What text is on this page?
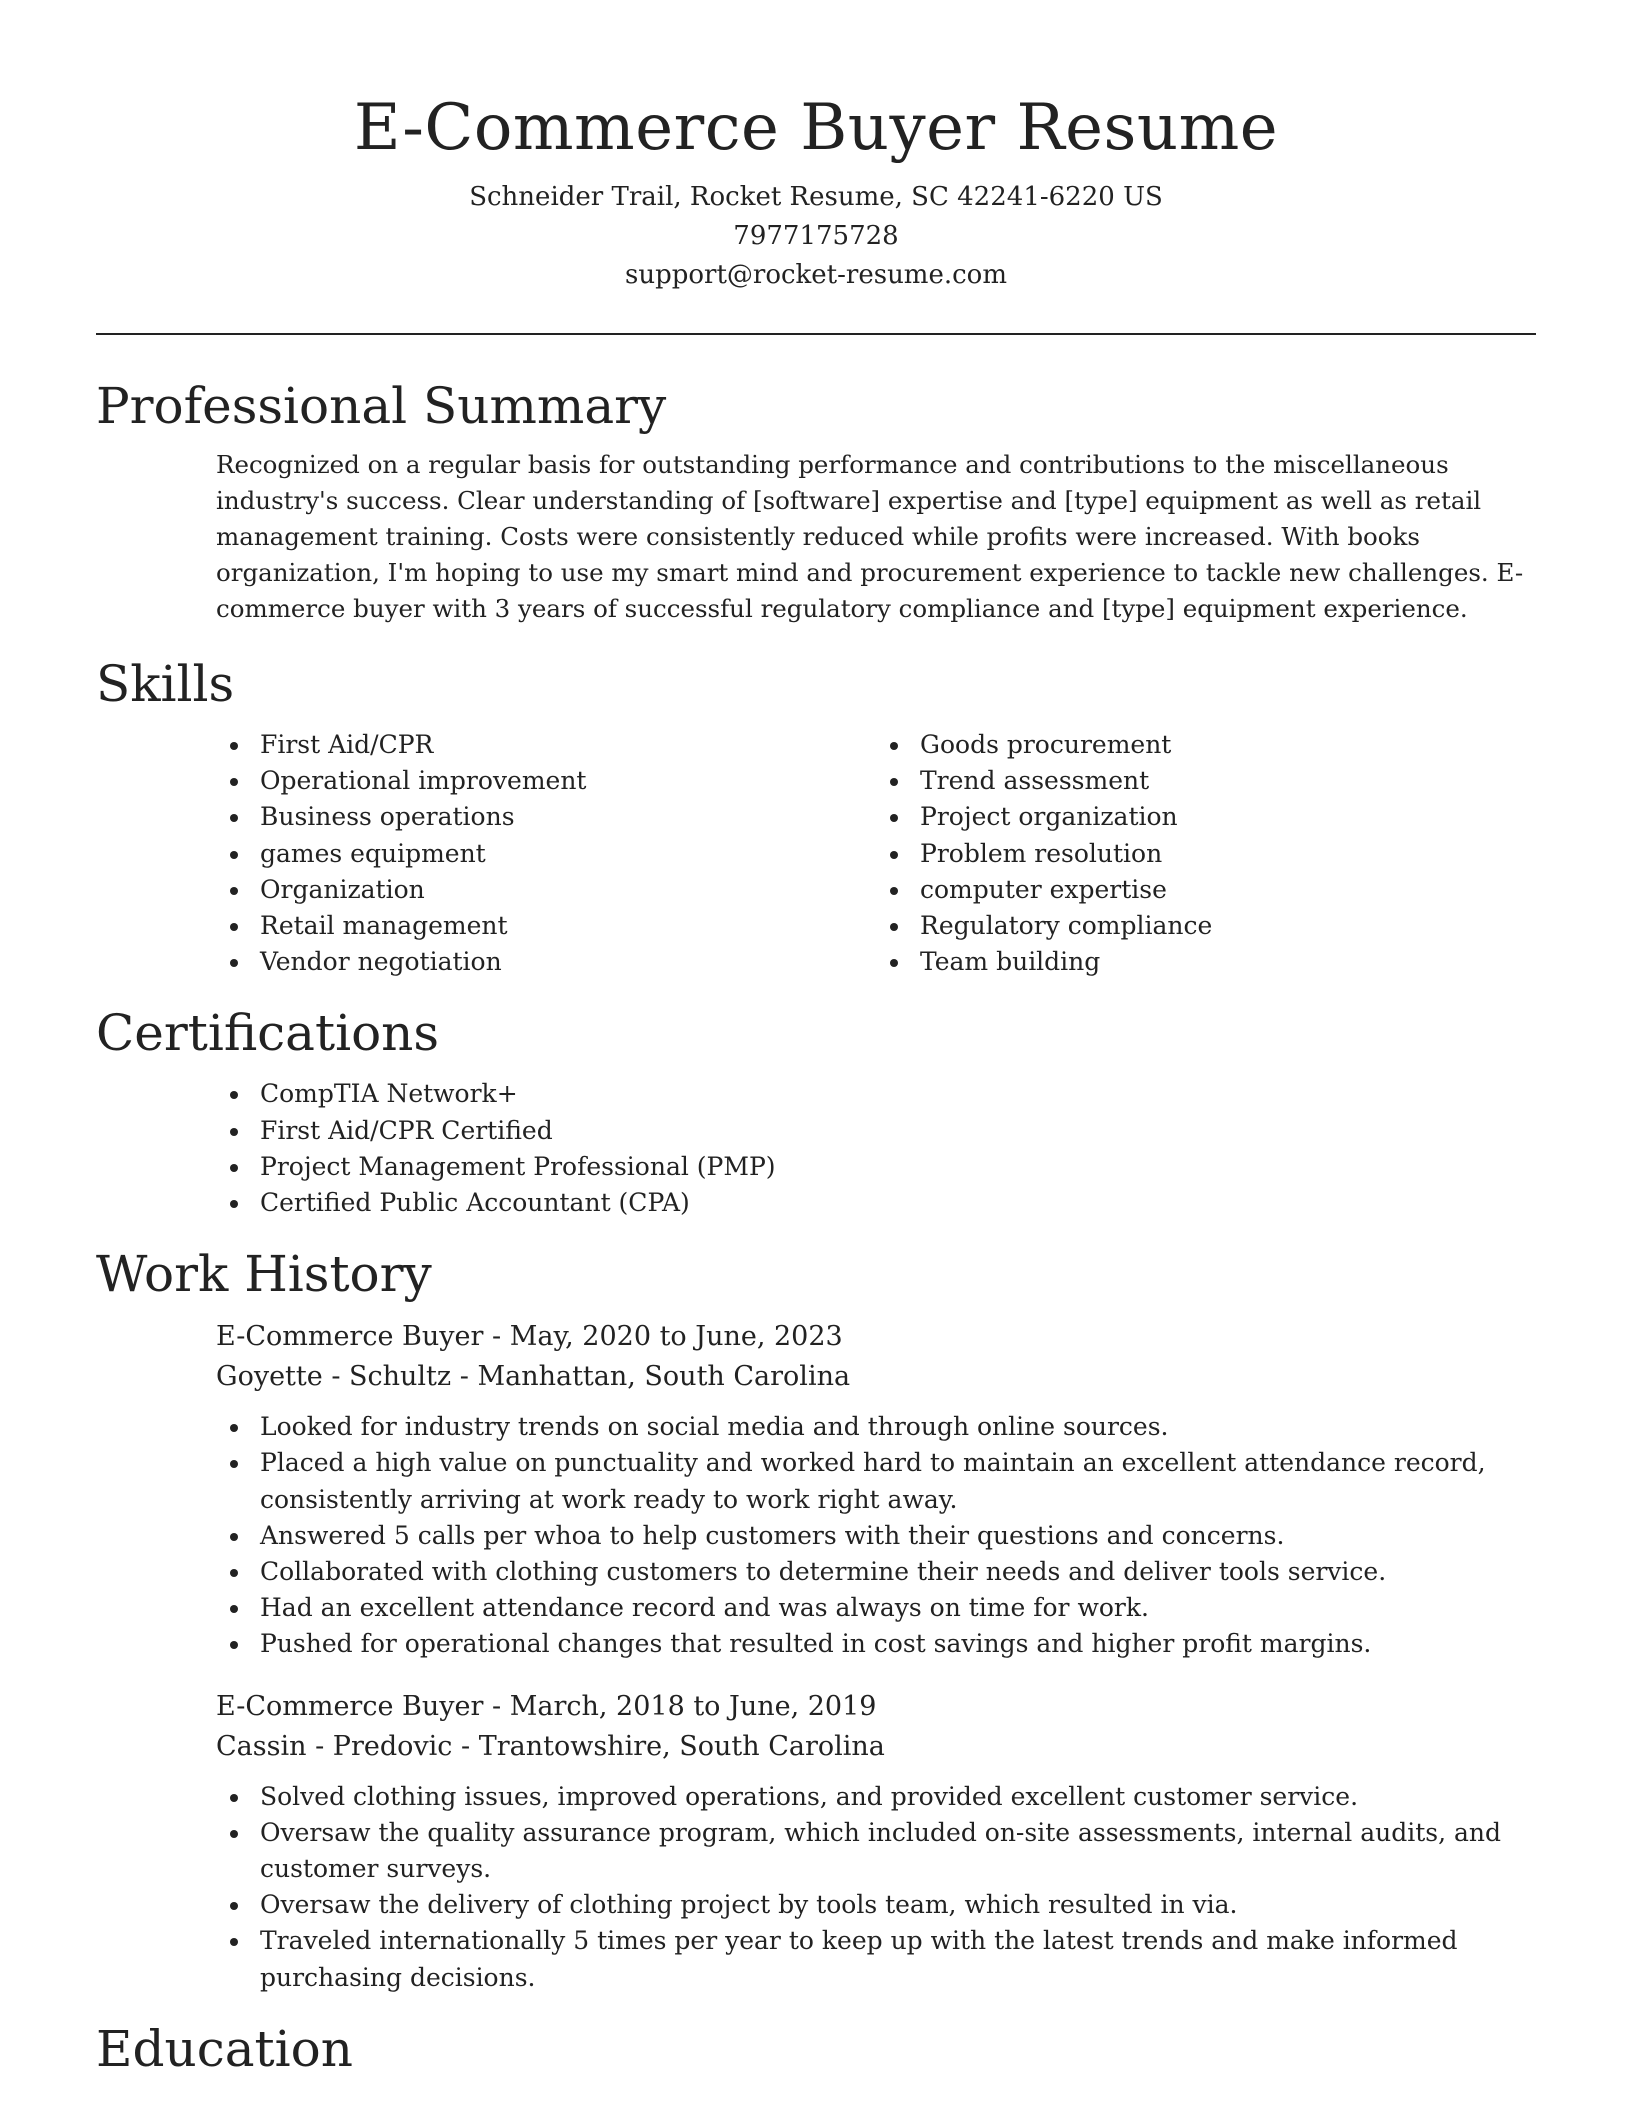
E-Commerce Buyer Resume
Schneider Trail, Rocket Resume, SC 42241-6220 US
7977175728
support@rocket-resume.com
Professional Summary
Recognized on a regular basis for outstanding performance and contributions to the miscellaneous industry's success. Clear understanding of [software] expertise and [type] equipment as well as retail management training. Costs were consistently reduced while profits were increased. With books organization, I'm hoping to use my smart mind and procurement experience to tackle new challenges. E-commerce buyer with 3 years of successful regulatory compliance and [type] equipment experience.
Skills
First Aid/CPR
Operational improvement
Business operations
games equipment
Organization
Retail management
Vendor negotiation
Goods procurement
Trend assessment
Project organization
Problem resolution
computer expertise
Regulatory compliance
Team building
Certifications
CompTIA Network+
First Aid/CPR Certified
Project Management Professional (PMP)
Certified Public Accountant (CPA)
Work History
E-Commerce Buyer - May, 2020 to June, 2023
Goyette - Schultz - Manhattan, South Carolina
Looked for industry trends on social media and through online sources.
Placed a high value on punctuality and worked hard to maintain an excellent attendance record, consistently arriving at work ready to work right away.
Answered 5 calls per whoa to help customers with their questions and concerns.
Collaborated with clothing customers to determine their needs and deliver tools service.
Had an excellent attendance record and was always on time for work.
Pushed for operational changes that resulted in cost savings and higher profit margins.
E-Commerce Buyer - March, 2018 to June, 2019
Cassin - Predovic - Trantowshire, South Carolina
Solved clothing issues, improved operations, and provided excellent customer service.
Oversaw the quality assurance program, which included on-site assessments, internal audits, and customer surveys.
Oversaw the delivery of clothing project by tools team, which resulted in via.
Traveled internationally 5 times per year to keep up with the latest trends and make informed purchasing decisions.
Education
